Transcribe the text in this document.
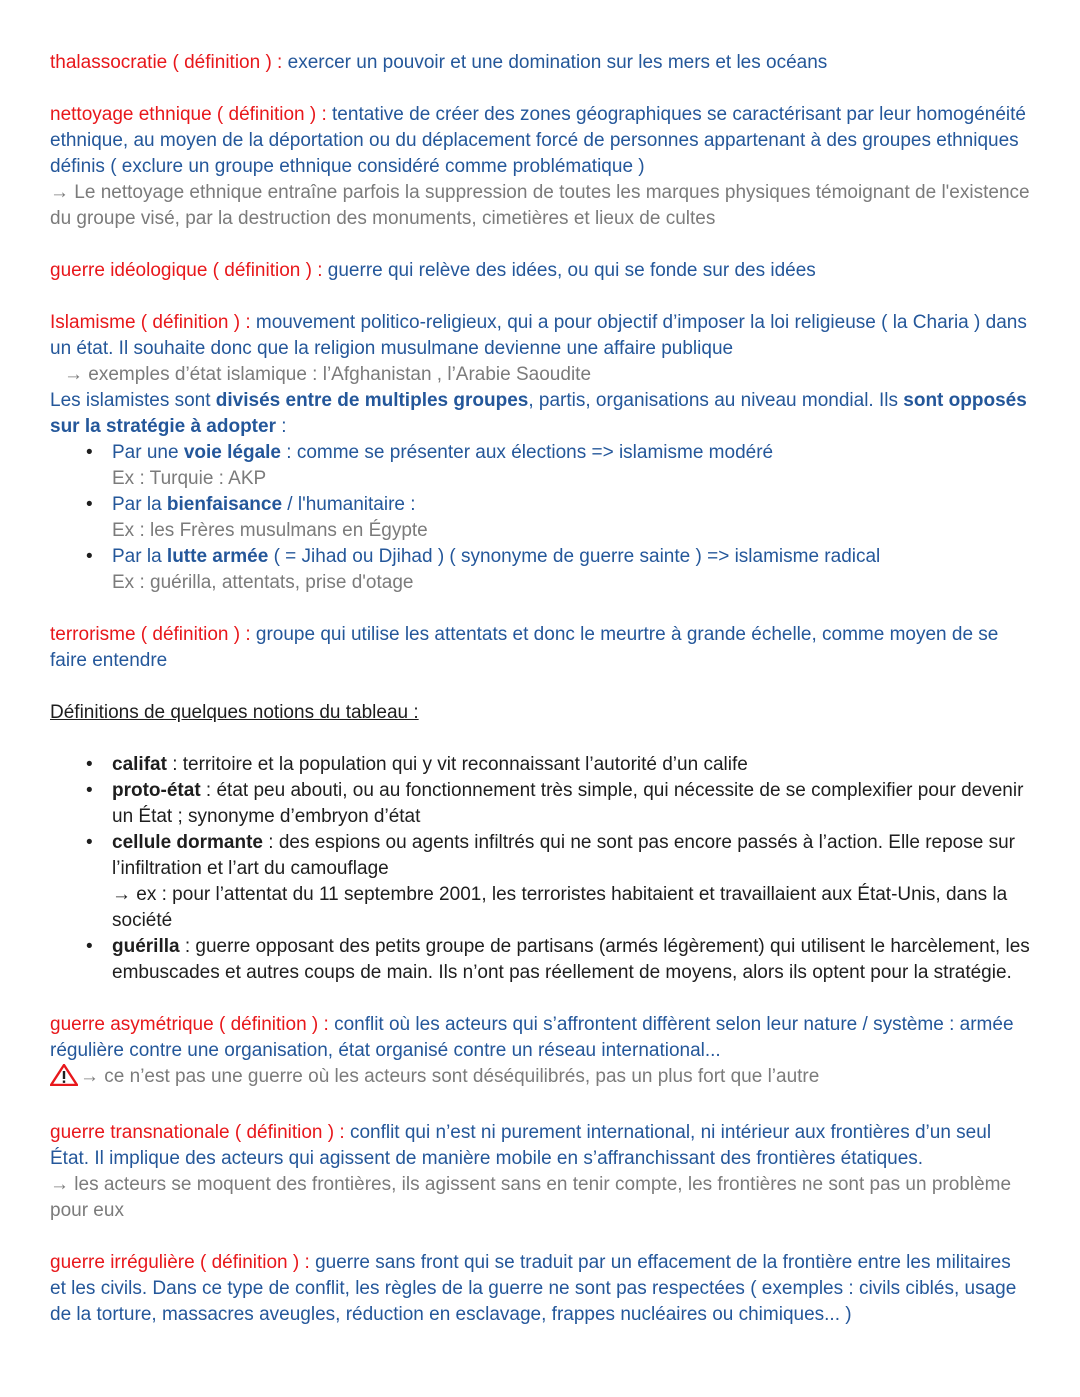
thalassocratie ( définition ) : exercer un pouvoir et une domination sur les mers et les océans

nettoyage ethnique ( définition ) : tentative de créer des zones géographiques se caractérisant par leur homogénéité ethnique, au moyen de la déportation ou du déplacement forcé de personnes appartenant à des groupes ethniques définis ( exclure un groupe ethnique considéré comme problématique )

→ Le nettoyage ethnique entraîne parfois la suppression de toutes les marques physiques témoignant de l'existence du groupe visé, par la destruction des monuments, cimetières et lieux de cultes

guerre idéologique ( définition ) : guerre qui relève des idées, ou qui se fonde sur des idées

Islamisme ( définition ) : mouvement politico-religieux, qui a pour objectif d’imposer la loi religieuse ( la Charia ) dans un état. Il souhaite donc que la religion musulmane devienne une affaire publique

→ exemples d’état islamique : l’Afghanistan , l’Arabie Saoudite

Les islamistes sont divisés entre de multiples groupes, partis, organisations au niveau mondial. Ils sont opposés sur la stratégie à adopter :

• Par une voie légale : comme se présenter aux élections => islamisme modéré

Ex : Turquie : AKP

• Par la bienfaisance / l'humanitaire :

Ex : les Frères musulmans en Égypte

• Par la lutte armée ( = Jihad ou Djihad ) ( synonyme de guerre sainte ) => islamisme radical

Ex : guérilla, attentats, prise d'otage

terrorisme ( définition ) : groupe qui utilise les attentats et donc le meurtre à grande échelle, comme moyen de se faire entendre

Définitions de quelques notions du tableau :

• califat : territoire et la population qui y vit reconnaissant l’autorité d’un calife

• proto-état : état peu abouti, ou au fonctionnement très simple, qui nécessite de se complexifier pour devenir un État ; synonyme d’embryon d’état

• cellule dormante : des espions ou agents infiltrés qui ne sont pas encore passés à l’action. Elle repose sur l’infiltration et l’art du camouflage

→ ex : pour l’attentat du 11 septembre 2001, les terroristes habitaient et travaillaient aux État-Unis, dans la société

• guérilla : guerre opposant des petits groupe de partisans (armés légèrement) qui utilisent le harcèlement, les embuscades et autres coups de main. Ils n’ont pas réellement de moyens, alors ils optent pour la stratégie.

guerre asymétrique ( définition ) : conflit où les acteurs qui s’affrontent diffèrent selon leur nature / système : armée régulière contre une organisation, état organisé contre un réseau international...

→ ce n’est pas une guerre où les acteurs sont déséquilibrés, pas un plus fort que l’autre

guerre transnationale ( définition ) : conflit qui n’est ni purement international, ni intérieur aux frontières d’un seul État. Il implique des acteurs qui agissent de manière mobile en s’affranchissant des frontières étatiques.

→ les acteurs se moquent des frontières, ils agissent sans en tenir compte, les frontières ne sont pas un problème pour eux

guerre irrégulière ( définition ) : guerre sans front qui se traduit par un effacement de la frontière entre les militaires et les civils. Dans ce type de conflit, les règles de la guerre ne sont pas respectées ( exemples : civils ciblés, usage de la torture, massacres aveugles, réduction en esclavage, frappes nucléaires ou chimiques... )
